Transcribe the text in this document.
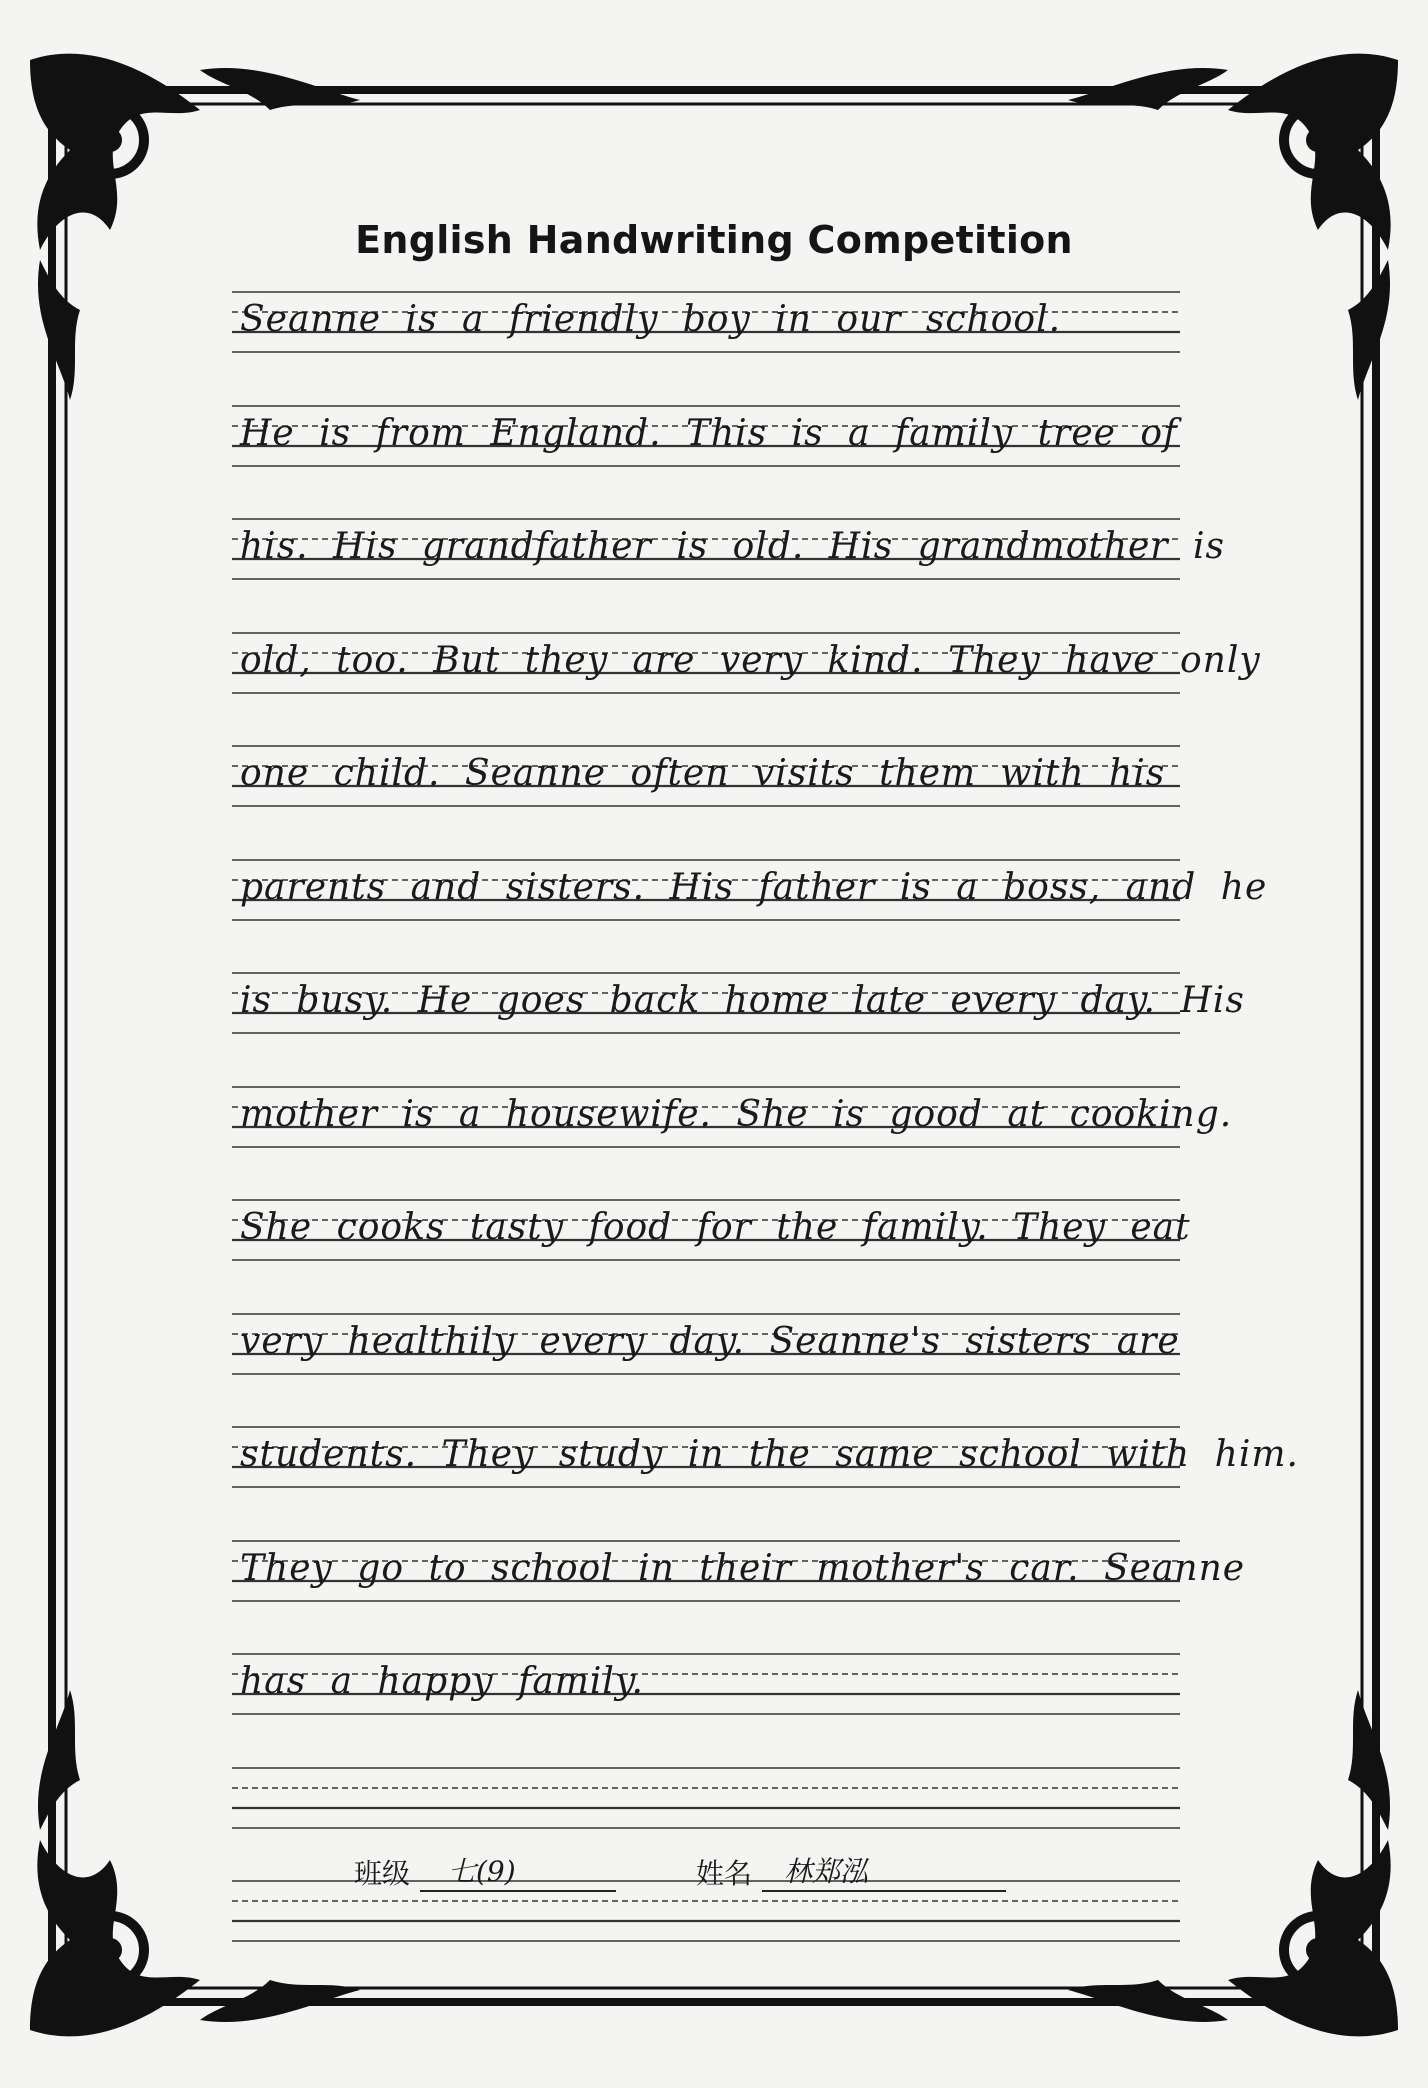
English Handwriting Competition
Seanne is a friendly boy in our school.
He is from England. This is a family tree of
his. His grandfather is old. His grandmother is
old, too. But they are very kind. They have only
one child. Seanne often visits them with his
parents and sisters. His father is a boss, and he
is busy. He goes back home late every day. His
mother is a housewife. She is good at cooking.
She cooks tasty food for the family. They eat
very healthily every day. Seanne's sisters are
students. They study in the same school with him.
They go to school in their mother's car. Seanne
has a happy family.
班级 七(9)	姓名 林郑泓
